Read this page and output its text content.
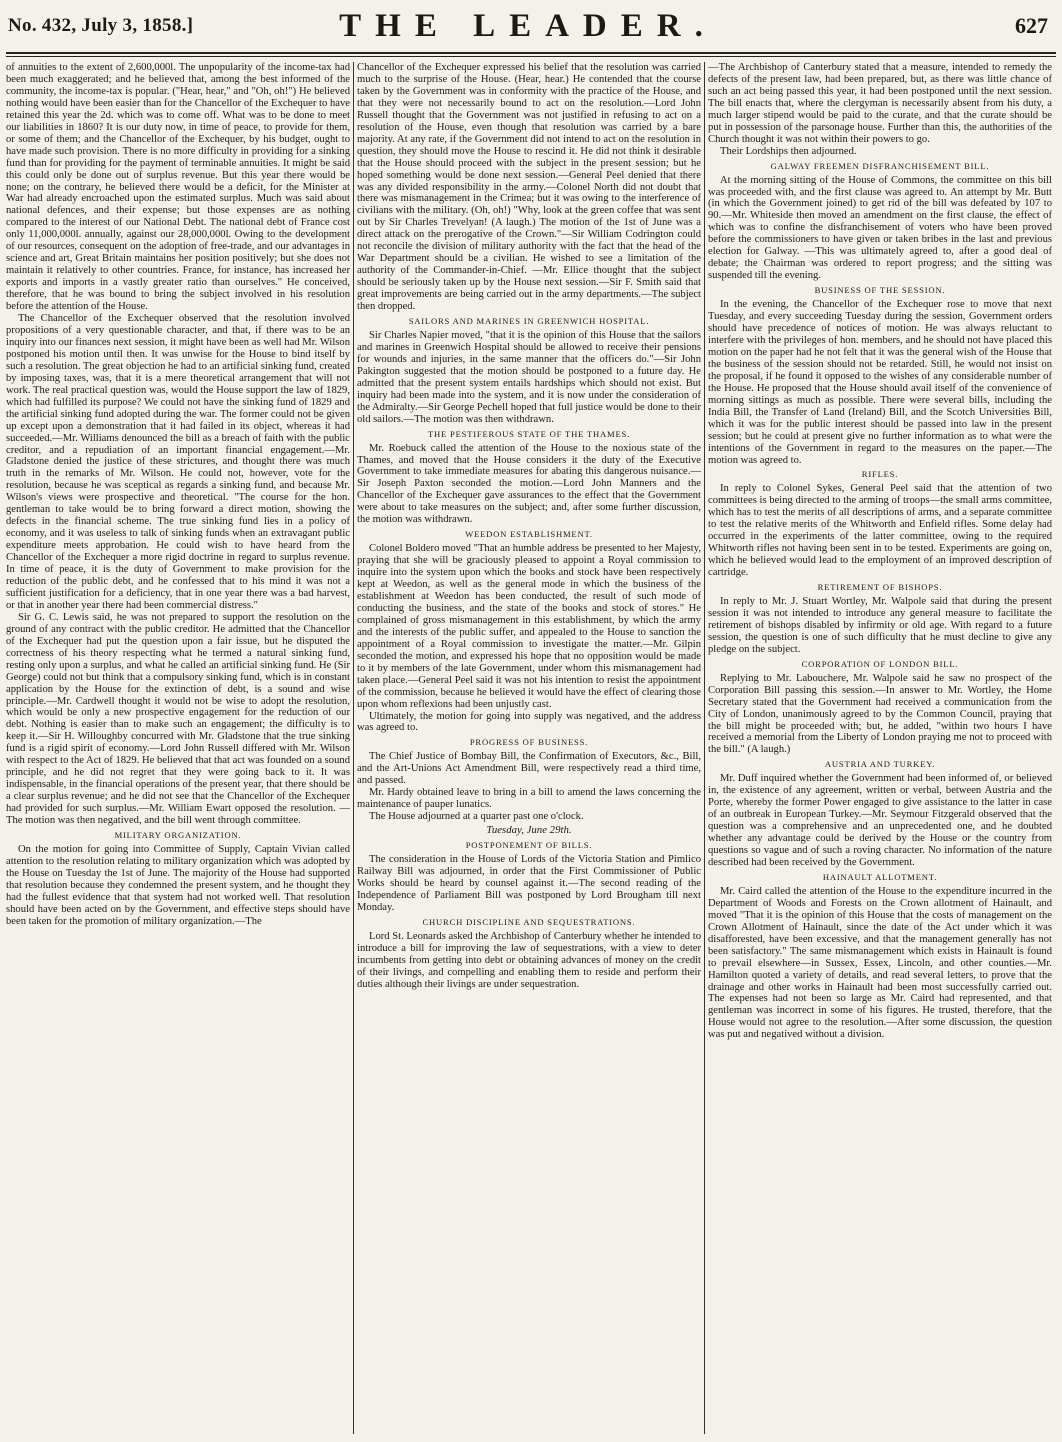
No. 432, July 3, 1858.]	THE LEADER.	627

of annuities to the extent of 2,600,000l. The unpopularity of the income-tax had been much exaggerated; and he believed that, among the best informed of the community, the income-tax is popular. ("Hear, hear," and "Oh, oh!") He believed nothing would have been easier than for the Chancellor of the Exchequer to have retained this year the 2d. which was to come off. What was to be done to meet our liabilities in 1860? It is our duty now, in time of peace, to provide for them, or some of them; and the Chancellor of the Exchequer, by his budget, ought to have made such provision. There is no more difficulty in providing for a sinking fund than for providing for the payment of terminable annuities. It might be said this could only be done out of surplus revenue. But this year there would be none; on the contrary, he believed there would be a deficit, for the Minister at War had already encroached upon the estimated surplus. Much was said about national defences, and their expense; but those expenses are as nothing compared to the interest of our National Debt. The national debt of France cost only 11,000,000l. annually, against our 28,000,000l. Owing to the development of our resources, consequent on the adoption of free-trade, and our advantages in science and art, Great Britain maintains her position positively; but she does not maintain it relatively to other countries. France, for instance, has increased her exports and imports in a vastly greater ratio than ourselves." He conceived, therefore, that he was bound to bring the subject involved in his resolution before the attention of the House.

The Chancellor of the Exchequer observed that the resolution involved propositions of a very questionable character, and that, if there was to be an inquiry into our finances next session, it might have been as well had Mr. Wilson postponed his motion until then. It was unwise for the House to bind itself by such a resolution. The great objection he had to an artificial sinking fund, created by imposing taxes, was, that it is a mere theoretical arrangement that will not work. The real practical question was, would the House support the law of 1829, which had fulfilled its purpose? We could not have the sinking fund of 1829 and the artificial sinking fund adopted during the war. The former could not be given up except upon a demonstration that it had failed in its object, whereas it had succeeded.—Mr. Williams denounced the bill as a breach of faith with the public creditor, and a repudiation of an important financial engagement.—Mr. Gladstone denied the justice of these strictures, and thought there was much truth in the remarks of Mr. Wilson. He could not, however, vote for the resolution, because he was sceptical as regards a sinking fund, and because Mr. Wilson's views were prospective and theoretical. "The course for the hon. gentleman to take would be to bring forward a direct motion, showing the defects in the financial scheme. The true sinking fund lies in a policy of economy, and it was useless to talk of sinking funds when an extravagant public expenditure meets approbation. He could wish to have heard from the Chancellor of the Exchequer a more rigid doctrine in regard to surplus revenue. In time of peace, it is the duty of Government to make provision for the reduction of the public debt, and he confessed that to his mind it was not a sufficient justification for a deficiency, that in one year there was a bad harvest, or that in another year there had been commercial distress."

Sir G. C. Lewis said, he was not prepared to support the resolution on the ground of any contract with the public creditor. He admitted that the Chancellor of the Exchequer had put the question upon a fair issue, but he disputed the correctness of his theory respecting what he termed a natural sinking fund, resting only upon a surplus, and what he called an artificial sinking fund. He (Sir George) could not but think that a compulsory sinking fund, which is in constant application by the House for the extinction of debt, is a sound and wise principle.—Mr. Cardwell thought it would not be wise to adopt the resolution, which would be only a new prospective engagement for the reduction of our debt. Nothing is easier than to make such an engagement; the difficulty is to keep it.—Sir H. Willoughby concurred with Mr. Gladstone that the true sinking fund is a rigid spirit of economy.—Lord John Russell differed with Mr. Wilson with respect to the Act of 1829. He believed that that act was founded on a sound principle, and he did not regret that they were going back to it. It was indispensable, in the financial operations of the present year, that there should be a clear surplus revenue; and he did not see that the Chancellor of the Exchequer had provided for such surplus.—Mr. William Ewart opposed the resolution. —The motion was then negatived, and the bill went through committee.

MILITARY ORGANIZATION.

On the motion for going into Committee of Supply, Captain Vivian called attention to the resolution relating to military organization which was adopted by the House on Tuesday the 1st of June. The majority of the House had supported that resolution because they condemned the present system, and he thought they had the fullest evidence that that system had not worked well. That resolution should have been acted on by the Government, and effective steps should have been taken for the promotion of military organization.—The

Chancellor of the Exchequer expressed his belief that the resolution was carried much to the surprise of the House. (Hear, hear.) He contended that the course taken by the Government was in conformity with the practice of the House, and that they were not necessarily bound to act on the resolution.—Lord John Russell thought that the Government was not justified in refusing to act on a resolution of the House, even though that resolution was carried by a bare majority. At any rate, if the Government did not intend to act on the resolution in question, they should move the House to rescind it. He did not think it desirable that the House should proceed with the subject in the present session; but he hoped something would be done next session.—General Peel denied that there was any divided responsibility in the army.—Colonel North did not doubt that there was mismanagement in the Crimea; but it was owing to the interference of civilians with the military. (Oh, oh!) "Why, look at the green coffee that was sent out by Sir Charles Trevelyan! (A laugh.) The motion of the 1st of June was a direct attack on the prerogative of the Crown."—Sir William Codrington could not reconcile the division of military authority with the fact that the head of the War Department should be a civilian. He wished to see a limitation of the authority of the Commander-in-Chief. —Mr. Ellice thought that the subject should be seriously taken up by the House next session.—Sir F. Smith said that great improvements are being carried out in the army departments.—The subject then dropped.

SAILORS AND MARINES IN GREENWICH HOSPITAL.

Sir Charles Napier moved, "that it is the opinion of this House that the sailors and marines in Greenwich Hospital should be allowed to receive their pensions for wounds and injuries, in the same manner that the officers do."—Sir John Pakington suggested that the motion should be postponed to a future day. He admitted that the present system entails hardships which should not exist. But inquiry had been made into the system, and it is now under the consideration of the Admiralty.—Sir George Pechell hoped that full justice would be done to their old sailors.—The motion was then withdrawn.

THE PESTIFEROUS STATE OF THE THAMES.

Mr. Roebuck called the attention of the House to the noxious state of the Thames, and moved that the House considers it the duty of the Executive Government to take immediate measures for abating this dangerous nuisance.—Sir Joseph Paxton seconded the motion.—Lord John Manners and the Chancellor of the Exchequer gave assurances to the effect that the Government were about to take measures on the subject; and, after some further discussion, the motion was withdrawn.

WEEDON ESTABLISHMENT.

Colonel Boldero moved "That an humble address be presented to her Majesty, praying that she will be graciously pleased to appoint a Royal commission to inquire into the system upon which the books and stock have been respectively kept at Weedon, as well as the general mode in which the business of the establishment at Weedon has been conducted, the result of such mode of conducting the business, and the state of the books and stock of stores." He complained of gross mismanagement in this establishment, by which the army and the interests of the public suffer, and appealed to the House to sanction the appointment of a Royal commission to investigate the matter.—Mr. Gilpin seconded the motion, and expressed his hope that no opposition would be made to it by members of the late Government, under whom this mismanagement had taken place.—General Peel said it was not his intention to resist the appointment of the commission, because he believed it would have the effect of clearing those upon whom reflexions had been unjustly cast.

Ultimately, the motion for going into supply was negatived, and the address was agreed to.

PROGRESS OF BUSINESS.

The Chief Justice of Bombay Bill, the Confirmation of Executors, &c., Bill, and the Art-Unions Act Amendment Bill, were respectively read a third time, and passed.

Mr. Hardy obtained leave to bring in a bill to amend the laws concerning the maintenance of pauper lunatics.

The House adjourned at a quarter past one o'clock.

Tuesday, June 29th.
POSTPONEMENT OF BILLS.

The consideration in the House of Lords of the Victoria Station and Pimlico Railway Bill was adjourned, in order that the First Commissioner of Public Works should be heard by counsel against it.—The second reading of the Independence of Parliament Bill was postponed by Lord Brougham till next Monday.

CHURCH DISCIPLINE AND SEQUESTRATIONS.

Lord St. Leonards asked the Archbishop of Canterbury whether he intended to introduce a bill for improving the law of sequestrations, with a view to deter incumbents from getting into debt or obtaining advances of money on the credit of their livings, and compelling and enabling them to reside and perform their duties although their livings are under sequestration.

—The Archbishop of Canterbury stated that a measure, intended to remedy the defects of the present law, had been prepared, but, as there was little chance of such an act being passed this year, it had been postponed until the next session. The bill enacts that, where the clergyman is necessarily absent from his duty, a much larger stipend would be paid to the curate, and that the curate should be put in possession of the parsonage house. Further than this, the authorities of the Church thought it was not within their powers to go.

Their Lordships then adjourned.

GALWAY FREEMEN DISFRANCHISEMENT BILL.

At the morning sitting of the House of Commons, the committee on this bill was proceeded with, and the first clause was agreed to. An attempt by Mr. Butt (in which the Government joined) to get rid of the bill was defeated by 107 to 90.—Mr. Whiteside then moved an amendment on the first clause, the effect of which was to confine the disfranchisement of voters who have been proved before the commissioners to have given or taken bribes in the last and previous election for Galway. —This was ultimately agreed to, after a good deal of debate; the Chairman was ordered to report progress; and the sitting was suspended till the evening.

BUSINESS OF THE SESSION.

In the evening, the Chancellor of the Exchequer rose to move that next Tuesday, and every succeeding Tuesday during the session, Government orders should have precedence of notices of motion. He was always reluctant to interfere with the privileges of hon. members, and he should not have placed this motion on the paper had he not felt that it was the general wish of the House that the business of the session should not be retarded. Still, he would not insist on the proposal, if he found it opposed to the wishes of any considerable number of the House. He proposed that the House should avail itself of the convenience of morning sittings as much as possible. There were several bills, including the India Bill, the Transfer of Land (Ireland) Bill, and the Scotch Universities Bill, which it was for the public interest should be passed into law in the present session; but he could at present give no further information as to what were the intentions of the Government in regard to the measures on the paper.—The motion was agreed to.

RIFLES.

In reply to Colonel Sykes, General Peel said that the attention of two committees is being directed to the arming of troops—the small arms committee, which has to test the merits of all descriptions of arms, and a separate committee to test the relative merits of the Whitworth and Enfield rifles. Some delay had occurred in the experiments of the latter committee, owing to the required Whitworth rifles not having been sent in to be tested. Experiments are going on, which he believed would lead to the employment of an improved description of cartridge.

RETIREMENT OF BISHOPS.

In reply to Mr. J. Stuart Wortley, Mr. Walpole said that during the present session it was not intended to introduce any general measure to facilitate the retirement of bishops disabled by infirmity or old age. With regard to a future session, the question is one of such difficulty that he must decline to give any pledge on the subject.

CORPORATION OF LONDON BILL.

Replying to Mr. Labouchere, Mr. Walpole said he saw no prospect of the Corporation Bill passing this session.—In answer to Mr. Wortley, the Home Secretary stated that the Government had received a communication from the City of London, unanimously agreed to by the Common Council, praying that the bill might be proceeded with; but, he added, "within two hours I have received a memorial from the Liberty of London praying me not to proceed with the bill." (A laugh.)

AUSTRIA AND TURKEY.

Mr. Duff inquired whether the Government had been informed of, or believed in, the existence of any agreement, written or verbal, between Austria and the Porte, whereby the former Power engaged to give assistance to the latter in case of an outbreak in European Turkey.—Mr. Seymour Fitzgerald observed that the question was a comprehensive and an unprecedented one, and he doubted whether any advantage could be derived by the House or the country from questions so vague and of such a roving character. No information of the nature described had been received by the Government.

HAINAULT ALLOTMENT.

Mr. Caird called the attention of the House to the expenditure incurred in the Department of Woods and Forests on the Crown allotment of Hainault, and moved "That it is the opinion of this House that the costs of management on the Crown Allotment of Hainault, since the date of the Act under which it was disafforested, have been excessive, and that the management generally has not been satisfactory." The same mismanagement which exists in Hainault is found to prevail elsewhere—in Sussex, Essex, Lincoln, and other counties.—Mr. Hamilton quoted a variety of details, and read several letters, to prove that the drainage and other works in Hainault had been most successfully carried out. The expenses had not been so large as Mr. Caird had represented, and that gentleman was incorrect in some of his figures. He trusted, therefore, that the House would not agree to the resolution.—After some discussion, the question was put and negatived without a division.
